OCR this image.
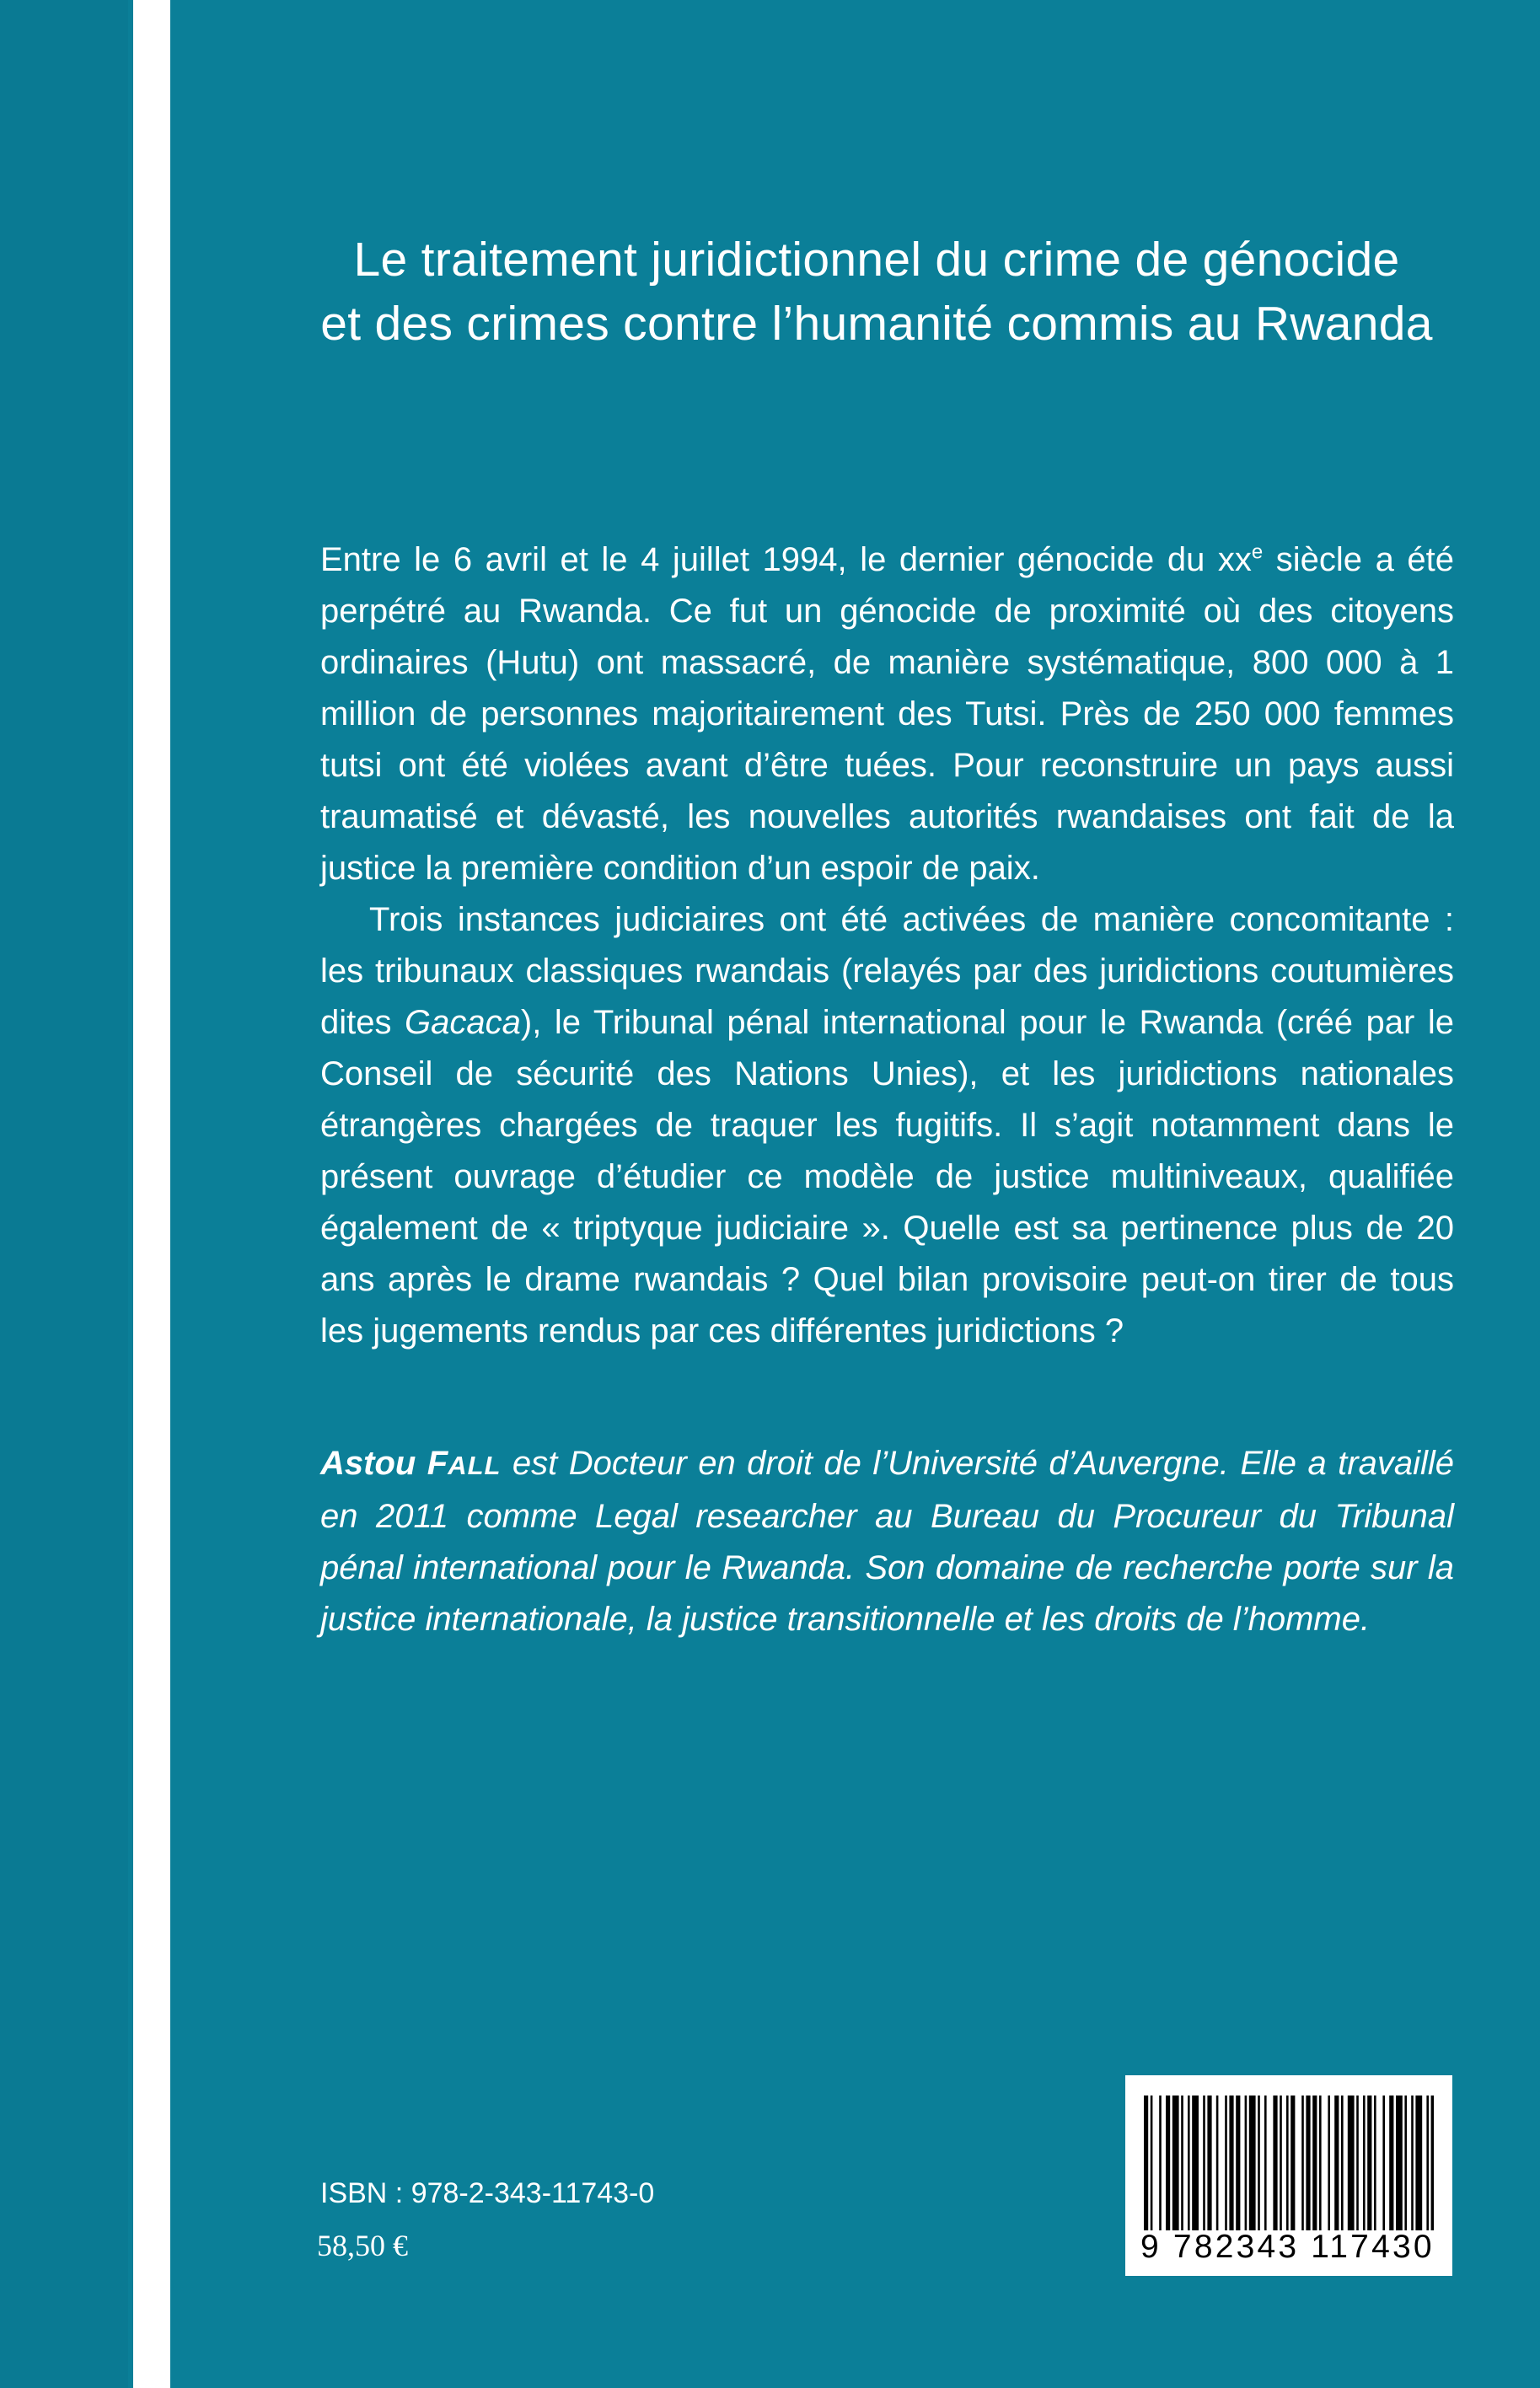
Le traitement juridictionnel du crime de génocide
et des crimes contre l’humanité commis au Rwanda

Entre le 6 avril et le 4 juillet 1994, le dernier génocide du $xx^e$ siècle a été perpétré au Rwanda. Ce fut un génocide de proximité où des citoyens ordinaires (Hutu) ont massacré, de manière systématique, 800 000 à 1 million de personnes majoritairement des Tutsi. Près de 250 000 femmes tutsi ont été violées avant d’être tuées. Pour reconstruire un pays aussi traumatisé et dévasté, les nouvelles autorités rwandaises ont fait de la justice la première condition d’un espoir de paix.

Trois instances judiciaires ont été activées de manière concomitante : les tribunaux classiques rwandais (relayés par des juridictions coutumières dites Gacaca), le Tribunal pénal international pour le Rwanda (créé par le Conseil de sécurité des Nations Unies), et les juridictions nationales étrangères chargées de traquer les fugitifs. Il s’agit notamment dans le présent ouvrage d’étudier ce modèle de justice multiniveaux, qualifiée également de « triptyque judiciaire ». Quelle est sa pertinence plus de 20 ans après le drame rwandais ? Quel bilan provisoire peut-on tirer de tous les jugements rendus par ces différentes juridictions ?

Astou FALL est Docteur en droit de l’Université d’Auvergne. Elle a travaillé en 2011 comme Legal researcher au Bureau du Procureur du Tribunal pénal international pour le Rwanda. Son domaine de recherche porte sur la justice internationale, la justice transitionnelle et les droits de l’homme.
ISBN : 978-2-343-11743-0
58,50 €	9 782343 117430
